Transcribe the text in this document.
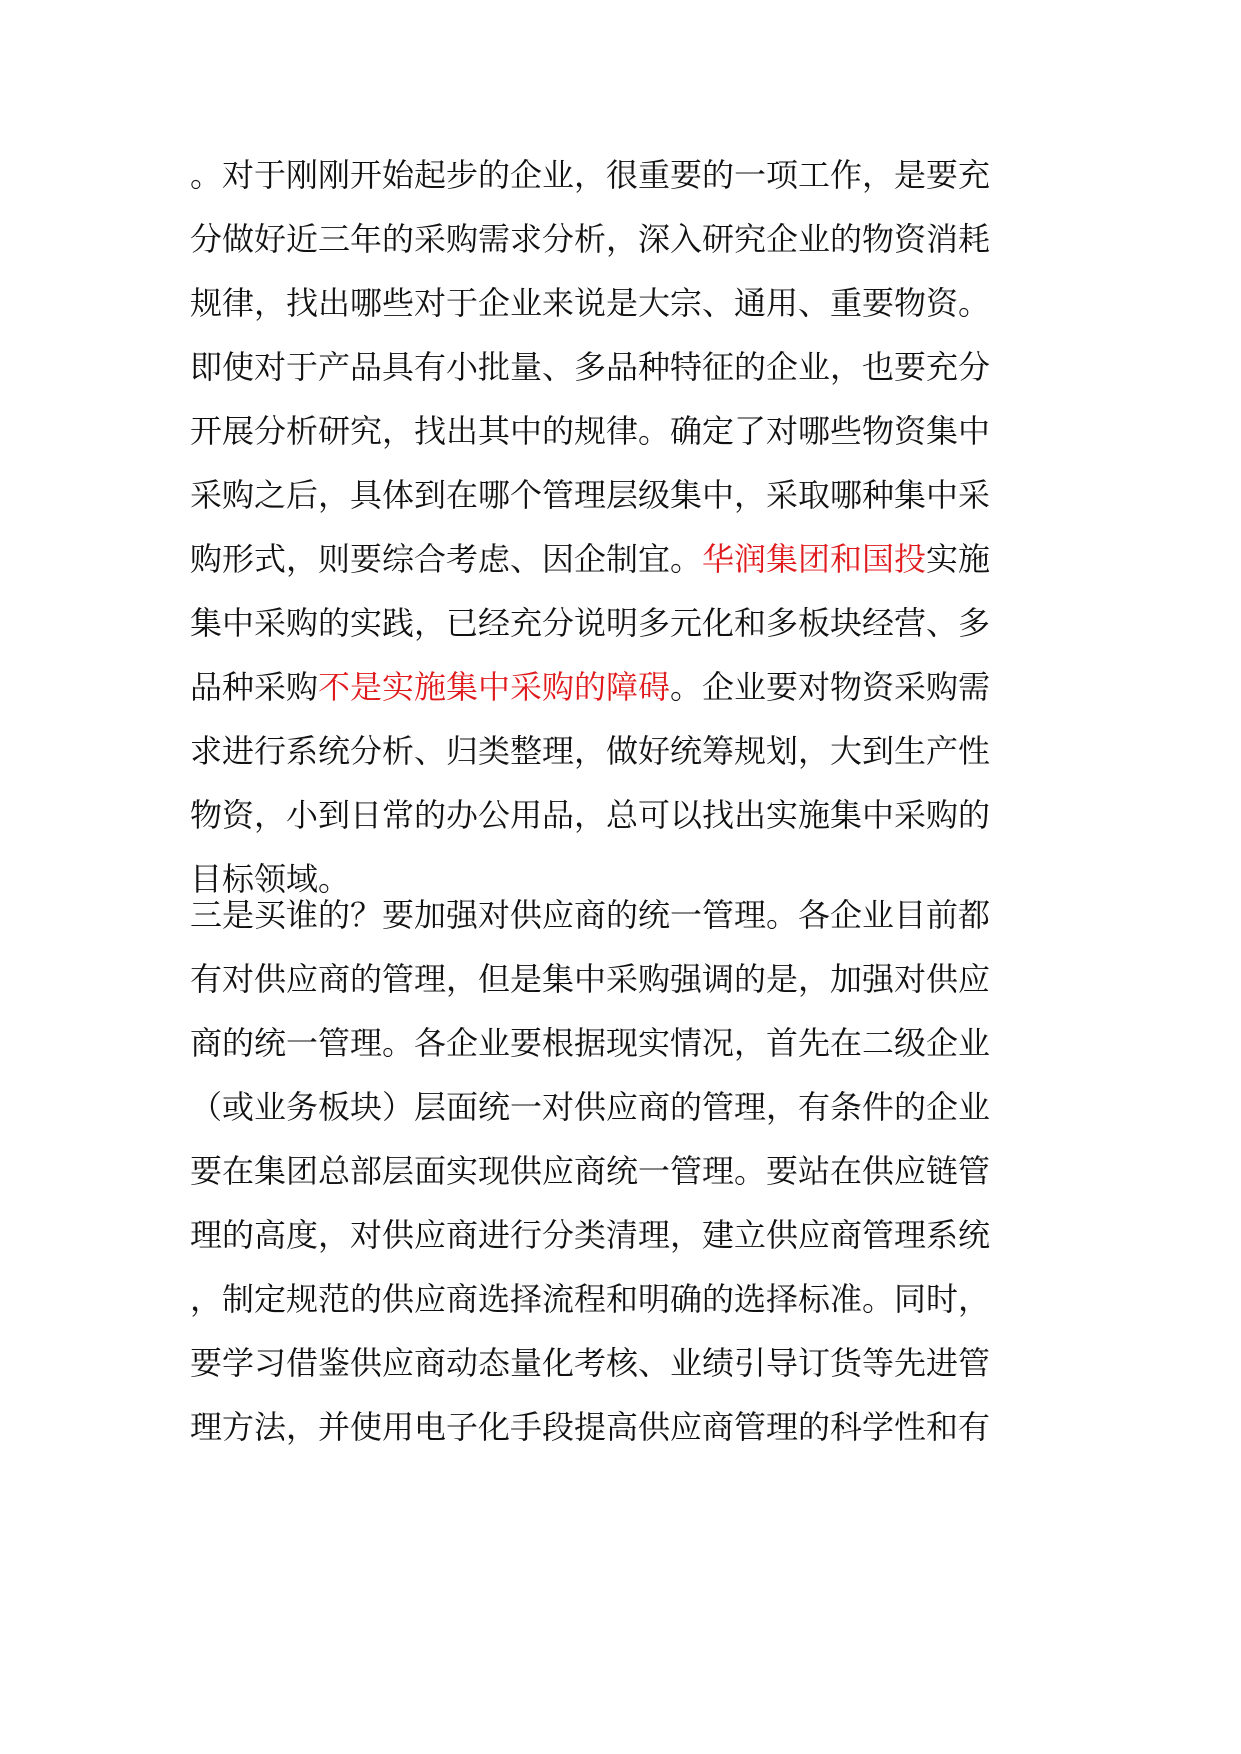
。对于刚刚开始起步的企业，很重要的一项工作，是要充
分做好近三年的采购需求分析，深入研究企业的物资消耗
规律，找出哪些对于企业来说是大宗、通用、重要物资。
即使对于产品具有小批量、多品种特征的企业，也要充分
开展分析研究，找出其中的规律。确定了对哪些物资集中
采购之后，具体到在哪个管理层级集中，采取哪种集中采
购形式，则要综合考虑、因企制宜。华润集团和国投实施
集中采购的实践，已经充分说明多元化和多板块经营、多
品种采购不是实施集中采购的障碍。企业要对物资采购需
求进行系统分析、归类整理，做好统筹规划，大到生产性
物资，小到日常的办公用品，总可以找出实施集中采购的
目标领域。
三是买谁的？要加强对供应商的统一管理。各企业目前都
有对供应商的管理，但是集中采购强调的是，加强对供应
商的统一管理。各企业要根据现实情况，首先在二级企业
（或业务板块）层面统一对供应商的管理，有条件的企业
要在集团总部层面实现供应商统一管理。要站在供应链管
理的高度，对供应商进行分类清理，建立供应商管理系统
，制定规范的供应商选择流程和明确的选择标准。同时，
要学习借鉴供应商动态量化考核、业绩引导订货等先进管
理方法，并使用电子化手段提高供应商管理的科学性和有
